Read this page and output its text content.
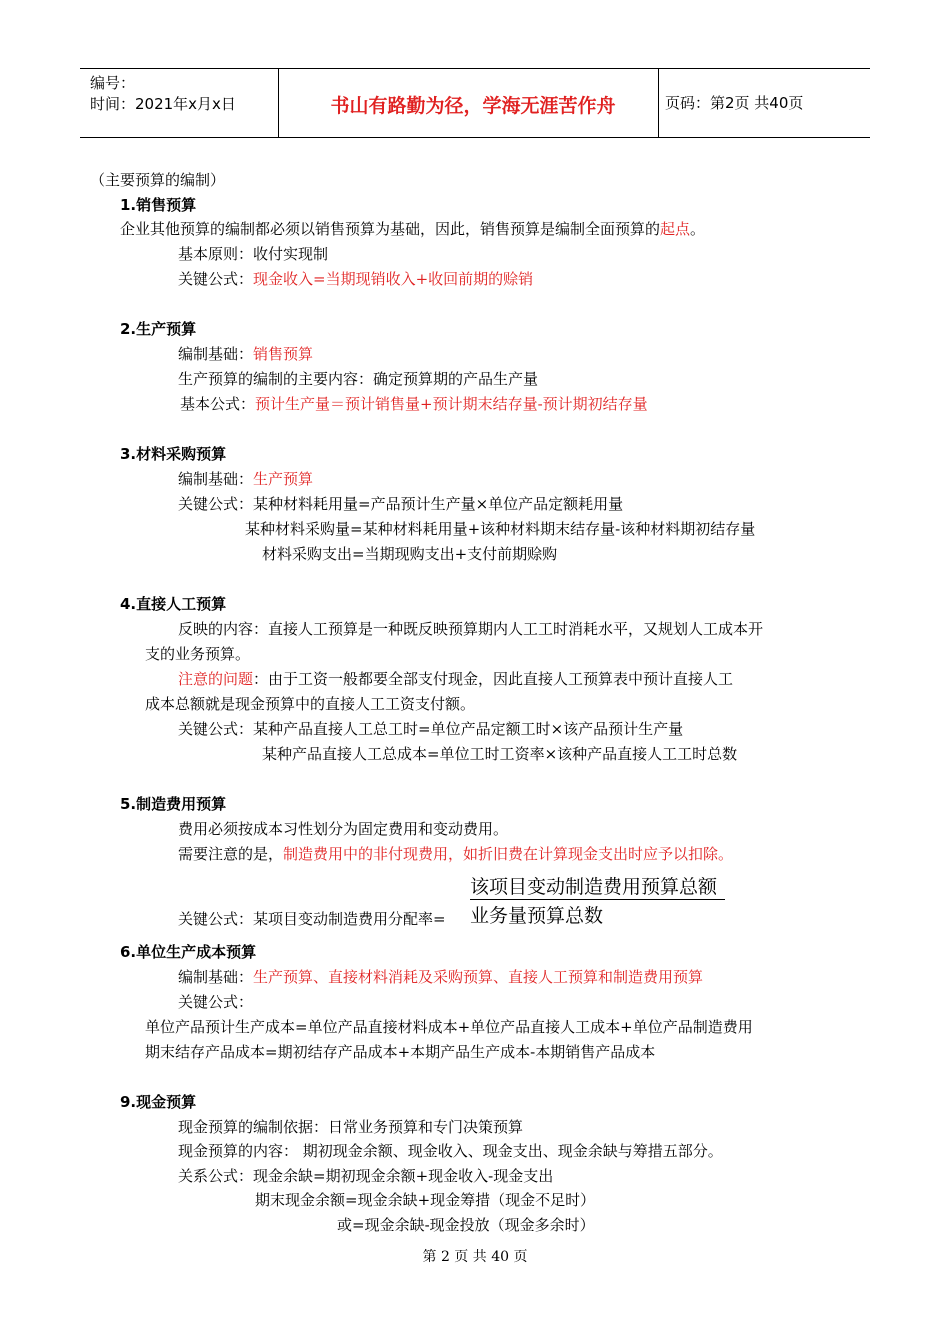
编号：
时间：2021年x月x日	书山有路勤为径，学海无涯苦作舟	页码：第2页 共40页
（主要预算的编制）
1.销售预算
企业其他预算的编制都必须以销售预算为基础，因此，销售预算是编制全面预算的起点。
基本原则：收付实现制
关键公式：现金收入=当期现销收入+收回前期的赊销
2.生产预算
编制基础：销售预算
生产预算的编制的主要内容：确定预算期的产品生产量
基本公式：预计生产量＝预计销售量+预计期末结存量-预计期初结存量
3.材料采购预算
编制基础：生产预算
关键公式：某种材料耗用量=产品预计生产量×单位产品定额耗用量
某种材料采购量=某种材料耗用量+该种材料期末结存量-该种材料期初结存量
材料采购支出=当期现购支出+支付前期赊购
4.直接人工预算
反映的内容：直接人工预算是一种既反映预算期内人工工时消耗水平，又规划人工成本开
支的业务预算。
注意的问题：由于工资一般都要全部支付现金，因此直接人工预算表中预计直接人工
成本总额就是现金预算中的直接人工工资支付额。
关键公式：某种产品直接人工总工时=单位产品定额工时×该产品预计生产量
某种产品直接人工总成本=单位工时工资率×该种产品直接人工工时总数
5.制造费用预算
费用必须按成本习性划分为固定费用和变动费用。
需要注意的是，制造费用中的非付现费用，如折旧费在计算现金支出时应予以扣除。
该项目变动制造费用预算总额
业务量预算总数
关键公式：某项目变动制造费用分配率=
6.单位生产成本预算
编制基础：生产预算、直接材料消耗及采购预算、直接人工预算和制造费用预算
关键公式：
单位产品预计生产成本=单位产品直接材料成本+单位产品直接人工成本+单位产品制造费用
期末结存产品成本=期初结存产品成本+本期产品生产成本-本期销售产品成本
9.现金预算
现金预算的编制依据：日常业务预算和专门决策预算
现金预算的内容： 期初现金余额、现金收入、现金支出、现金余缺与筹措五部分。
关系公式：现金余缺=期初现金余额+现金收入-现金支出
期末现金余额=现金余缺+现金筹措（现金不足时）
或=现金余缺-现金投放（现金多余时）
第 2 页 共 40 页
